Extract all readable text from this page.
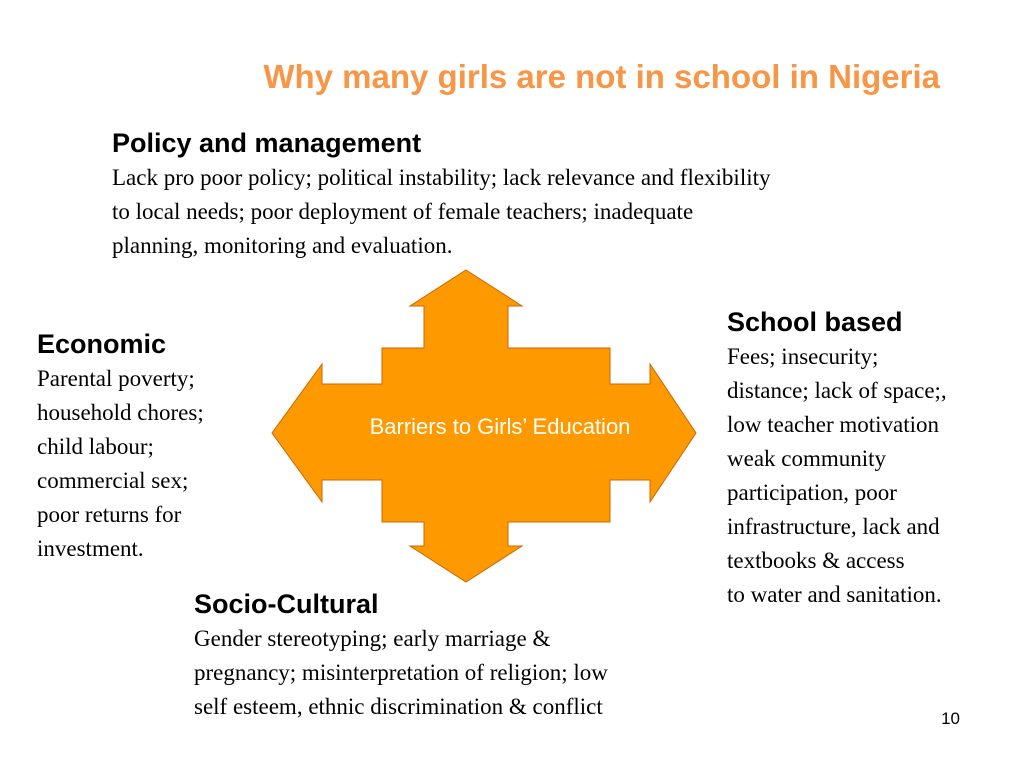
Why many girls are not in school in Nigeria
Policy and management
Lack pro poor policy; political instability; lack relevance and flexibility
to local needs; poor deployment of female teachers; inadequate
planning, monitoring and evaluation.
Economic
Parental poverty;
household chores;
child labour;
commercial sex;
poor returns for
investment.
School based
Fees; insecurity;
distance; lack of space;,
low teacher motivation
weak community
participation, poor
infrastructure, lack and
textbooks & access
to water and sanitation.
Barriers to Girls’ Education
Socio-Cultural
Gender stereotyping; early marriage &
pregnancy; misinterpretation of religion; low
self esteem, ethnic discrimination & conflict	10
